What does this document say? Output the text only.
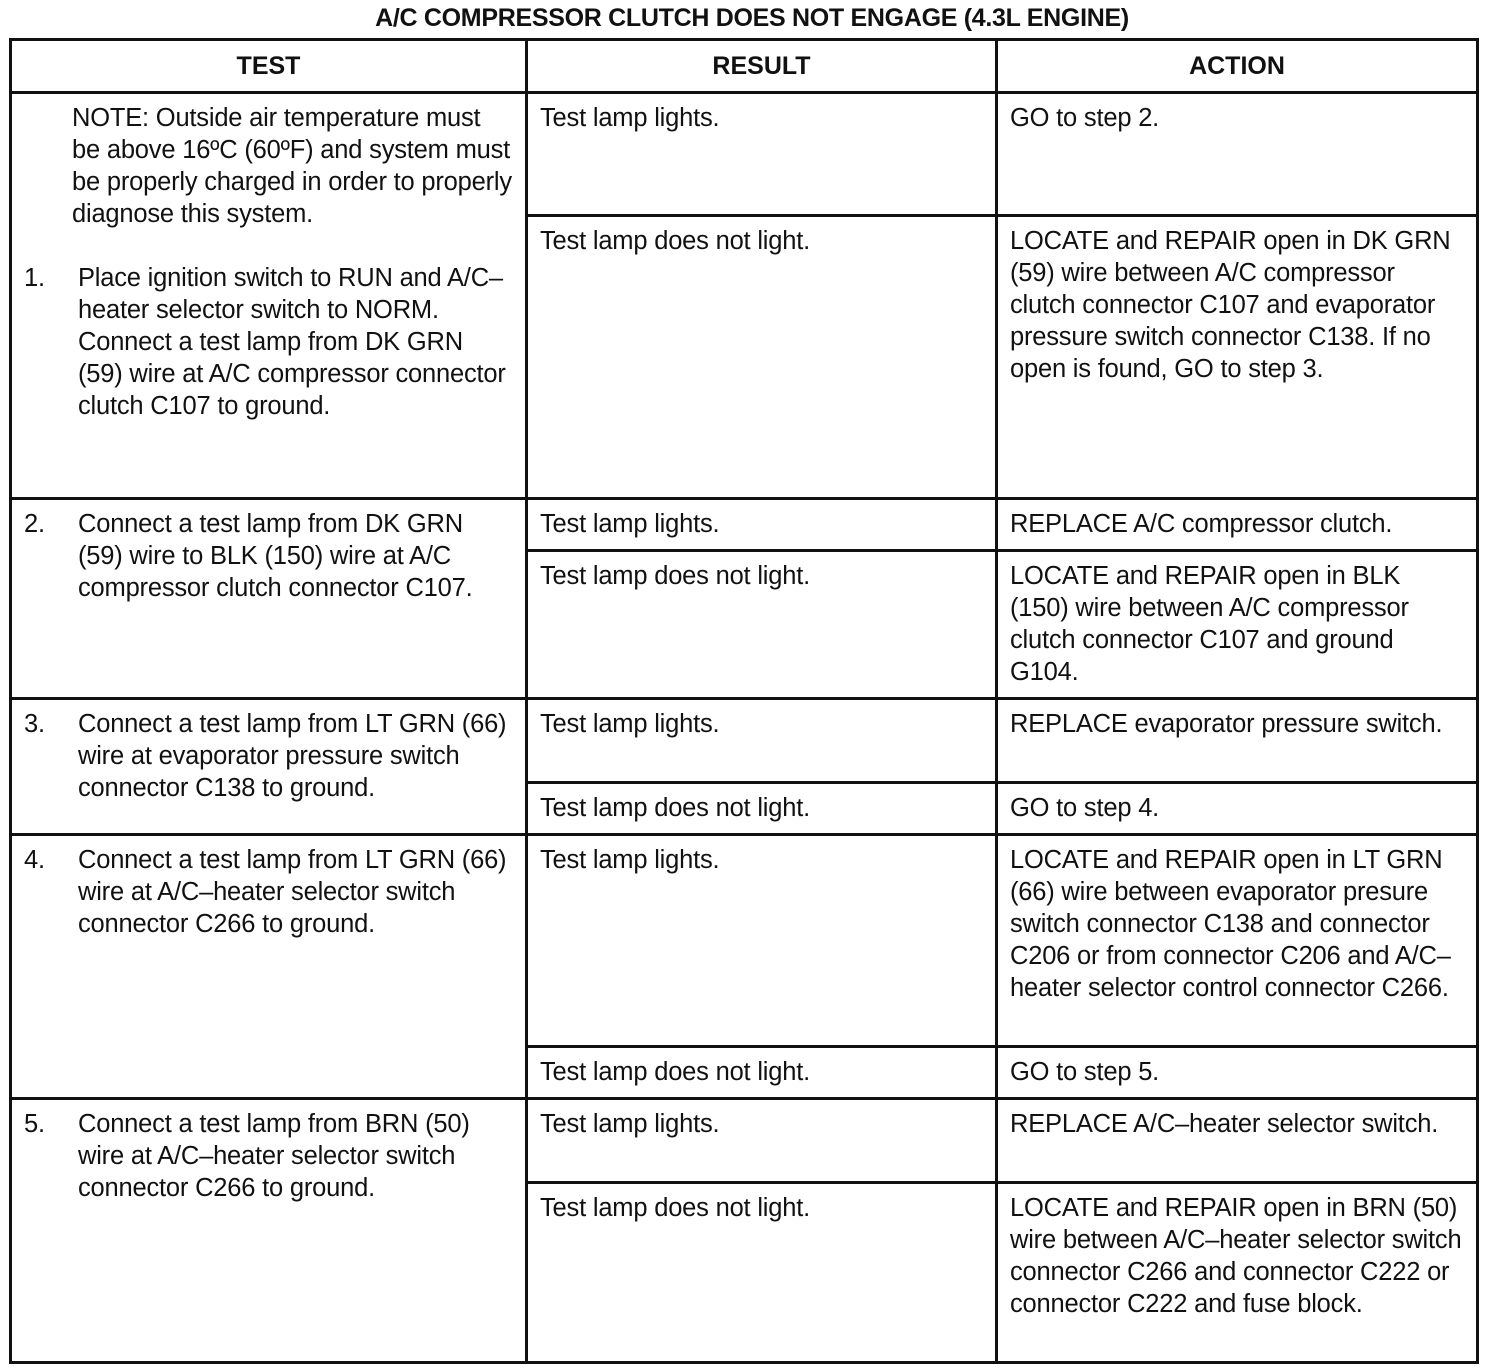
A/C COMPRESSOR CLUTCH DOES NOT ENGAGE (4.3L ENGINE)
TEST	RESULT	ACTION

NOTE: Outside air temperature must be above 16ºC (60ºF) and system must be properly charged in order to properly diagnose this system.
1. Place ignition switch to RUN and A/C–heater selector switch to NORM. Connect a test lamp from DK GRN (59) wire at A/C compressor connector clutch C107 to ground.	Test lamp lights.	GO to step 2.
	Test lamp does not light.	LOCATE and REPAIR open in DK GRN (59) wire between A/C compressor clutch connector C107 and evaporator pressure switch connector C138. If no open is found, GO to step 3.

2. Connect a test lamp from DK GRN (59) wire to BLK (150) wire at A/C compressor clutch connector C107.	Test lamp lights.	REPLACE A/C compressor clutch.
	Test lamp does not light.	LOCATE and REPAIR open in BLK (150) wire between A/C compressor clutch connector C107 and ground G104.

3. Connect a test lamp from LT GRN (66) wire at evaporator pressure switch connector C138 to ground.	Test lamp lights.	REPLACE evaporator pressure switch.
	Test lamp does not light.	GO to step 4.

4. Connect a test lamp from LT GRN (66) wire at A/C–heater selector switch connector C266 to ground.	Test lamp lights.	LOCATE and REPAIR open in LT GRN (66) wire between evaporator presure switch connector C138 and connector C206 or from connector C206 and A/C–heater selector control connector C266.
	Test lamp does not light.	GO to step 5.

5. Connect a test lamp from BRN (50) wire at A/C–heater selector switch connector C266 to ground.	Test lamp lights.	REPLACE A/C–heater selector switch.
	Test lamp does not light.	LOCATE and REPAIR open in BRN (50) wire between A/C–heater selector switch connector C266 and connector C222 or connector C222 and fuse block.
